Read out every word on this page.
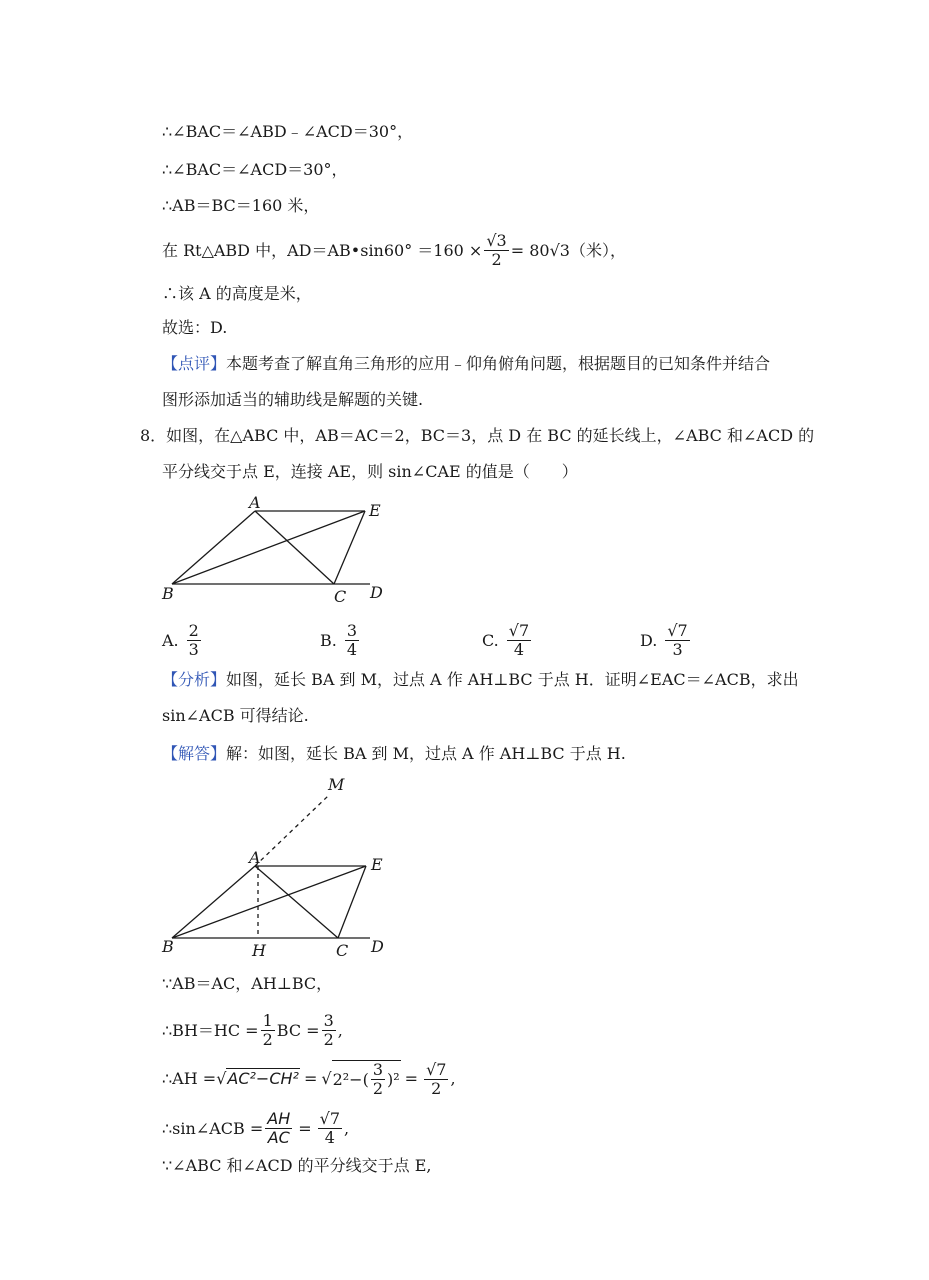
∴∠BAC＝∠ABD﹣∠ACD＝30°，
∴∠BAC＝∠ACD＝30°，
∴AB＝BC＝160 米，
在 Rt△ABD 中，AD＝AB•sin60° $=160 \times \frac{√3}{2} = 80√3$（米），
∴该 A 的高度是米，
故选：D.
【点评】本题考查了解直角三角形的应用﹣仰角俯角问题，根据题目的已知条件并结合
图形添加适当的辅助线是解题的关键.
8．如图，在△ABC 中，AB＝AC＝2，BC＝3，点 D 在 BC 的延长线上，∠ABC 和∠ACD 的
平分线交于点 E，连接 AE，则 sin∠CAE 的值是（　　）
A	E
B	C D
A. $\frac{2}{3}$	B. $\frac{3}{4}$	C. $\frac{√7}{4}$	D. $\frac{√7}{3}$
【分析】如图，延长 BA 到 M，过点 A 作 AH⊥BC 于点 H．证明∠EAC＝∠ACB，求出
sin∠ACB 可得结论.
【解答】解：如图，延长 BA 到 M，过点 A 作 AH⊥BC 于点 H.
M
A	E
B	H	C D
∵AB＝AC，AH⊥BC，
∴BH＝HC = $\frac{1}{2}$ BC = $\frac{3}{2}$ ,
∴AH = √AC²−CH² = √ $2^2-( \frac{3}{2} )^2 = \frac{√7}{2}$ ,
∴sin∠ACB = $\frac{AH}{AC} = \frac{√7}{4}$ ,
∵∠ABC 和∠ACD 的平分线交于点 E,
